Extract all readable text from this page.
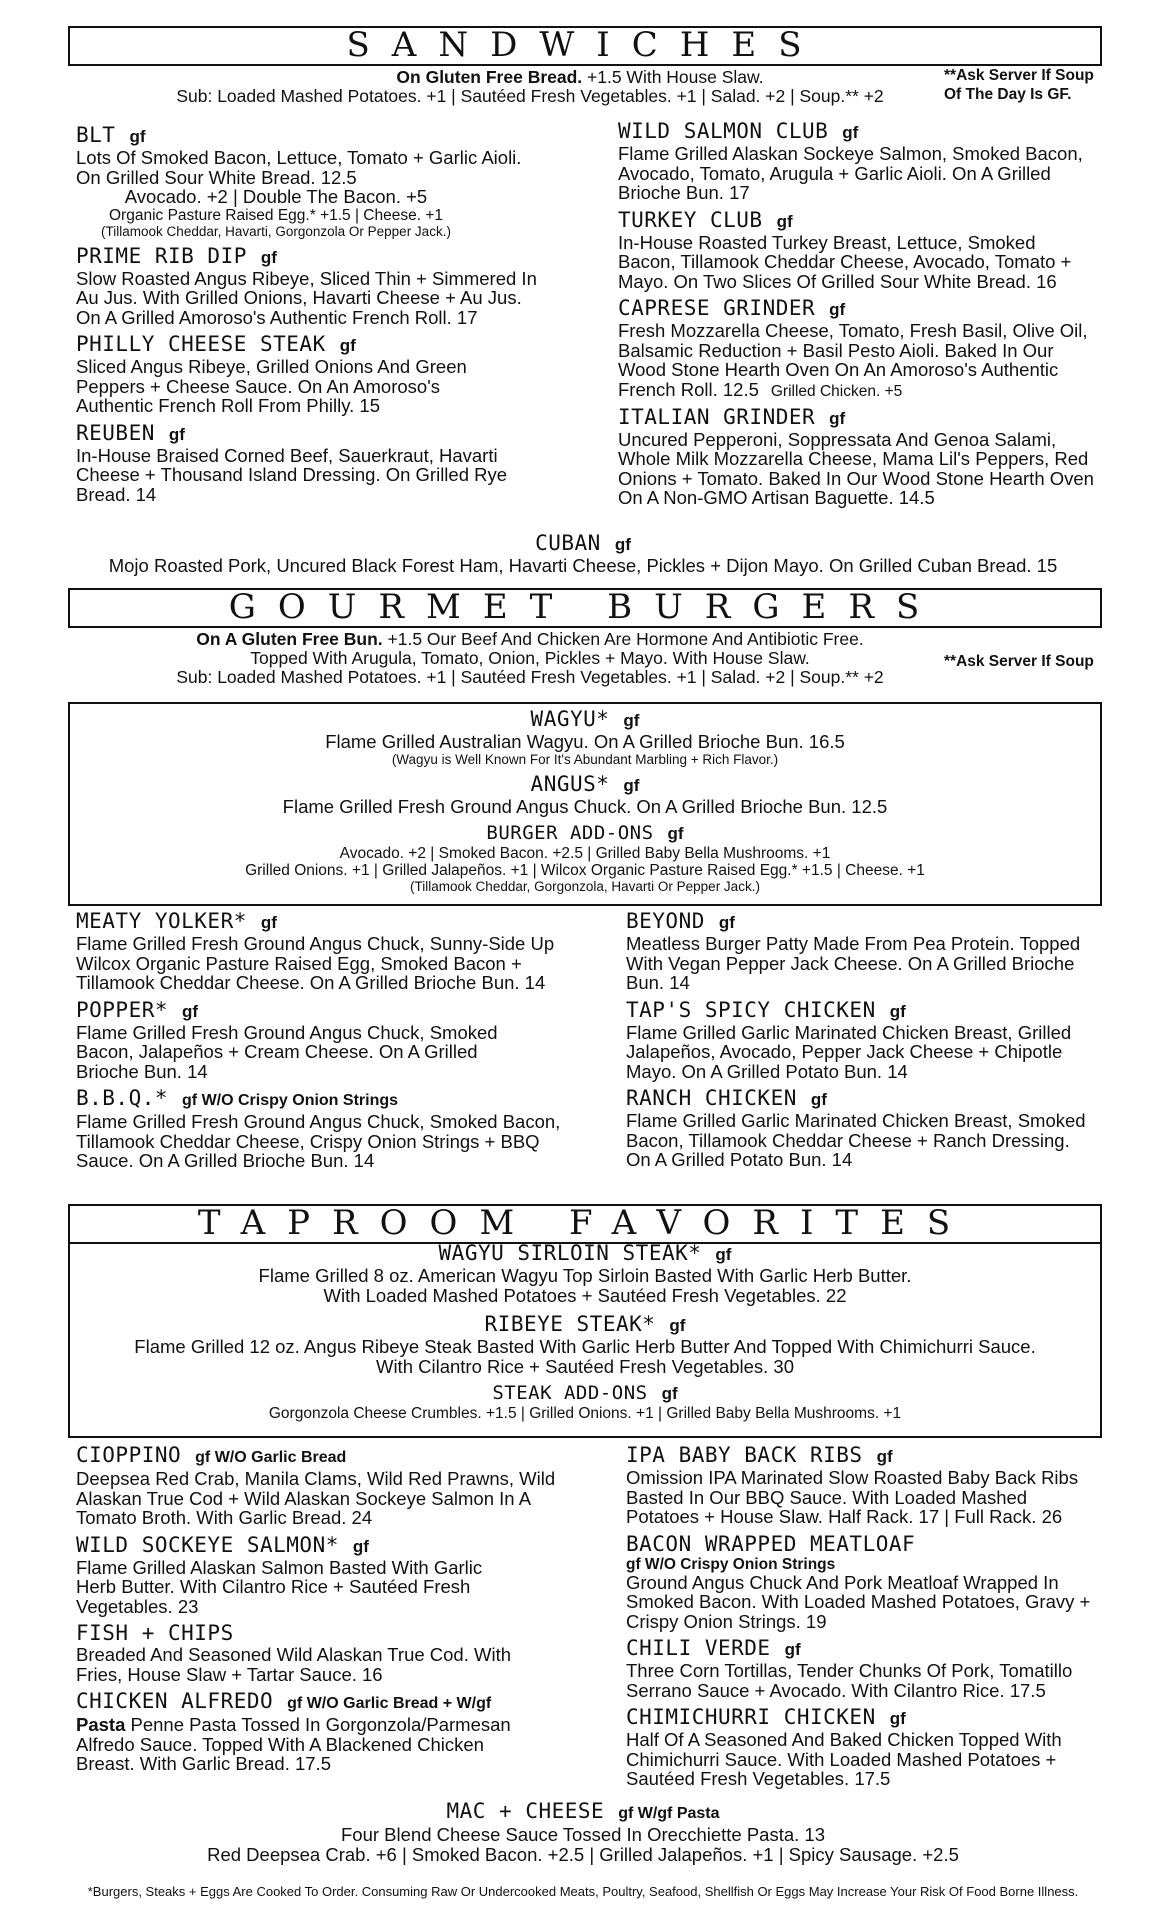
SANDWICHES
On Gluten Free Bread. +1.5 With House Slaw.
Sub: Loaded Mashed Potatoes. +1 | Sautéed Fresh Vegetables. +1 | Salad. +2 | Soup.** +2
**Ask Server If Soup
Of The Day Is GF.
BLT gf
Lots Of Smoked Bacon, Lettuce, Tomato + Garlic Aioli. On Grilled Sour White Bread. 12.5
Avocado. +2 | Double The Bacon. +5
Organic Pasture Raised Egg.* +1.5 | Cheese. +1
(Tillamook Cheddar, Havarti, Gorgonzola Or Pepper Jack.)
PRIME RIB DIP gf
Slow Roasted Angus Ribeye, Sliced Thin + Simmered In Au Jus. With Grilled Onions, Havarti Cheese + Au Jus. On A Grilled Amoroso's Authentic French Roll. 17
PHILLY CHEESE STEAK gf
Sliced Angus Ribeye, Grilled Onions And Green Peppers + Cheese Sauce. On An Amoroso's Authentic French Roll From Philly. 15
REUBEN gf
In-House Braised Corned Beef, Sauerkraut, Havarti Cheese + Thousand Island Dressing. On Grilled Rye Bread. 14
WILD SALMON CLUB gf
Flame Grilled Alaskan Sockeye Salmon, Smoked Bacon, Avocado, Tomato, Arugula + Garlic Aioli. On A Grilled Brioche Bun. 17
TURKEY CLUB gf
In-House Roasted Turkey Breast, Lettuce, Smoked Bacon, Tillamook Cheddar Cheese, Avocado, Tomato + Mayo. On Two Slices Of Grilled Sour White Bread. 16
CAPRESE GRINDER gf
Fresh Mozzarella Cheese, Tomato, Fresh Basil, Olive Oil, Balsamic Reduction + Basil Pesto Aioli. Baked In Our Wood Stone Hearth Oven On An Amoroso's Authentic French Roll. 12.5 Grilled Chicken. +5
ITALIAN GRINDER gf
Uncured Pepperoni, Soppressata And Genoa Salami, Whole Milk Mozzarella Cheese, Mama Lil's Peppers, Red Onions + Tomato. Baked In Our Wood Stone Hearth Oven On A Non-GMO Artisan Baguette. 14.5
CUBAN gf
Mojo Roasted Pork, Uncured Black Forest Ham, Havarti Cheese, Pickles + Dijon Mayo. On Grilled Cuban Bread. 15
GOURMET BURGERS
On A Gluten Free Bun. +1.5 Our Beef And Chicken Are Hormone And Antibiotic Free.
Topped With Arugula, Tomato, Onion, Pickles + Mayo. With House Slaw.
Sub: Loaded Mashed Potatoes. +1 | Sautéed Fresh Vegetables. +1 | Salad. +2 | Soup.** +2
**Ask Server If Soup
WAGYU* gf
Flame Grilled Australian Wagyu. On A Grilled Brioche Bun. 16.5
(Wagyu is Well Known For It's Abundant Marbling + Rich Flavor.)
ANGUS* gf
Flame Grilled Fresh Ground Angus Chuck. On A Grilled Brioche Bun. 12.5
BURGER ADD-ONS gf
Avocado. +2 | Smoked Bacon. +2.5 | Grilled Baby Bella Mushrooms. +1
Grilled Onions. +1 | Grilled Jalapeños. +1 | Wilcox Organic Pasture Raised Egg.* +1.5 | Cheese. +1
(Tillamook Cheddar, Gorgonzola, Havarti Or Pepper Jack.)
MEATY YOLKER* gf
Flame Grilled Fresh Ground Angus Chuck, Sunny-Side Up Wilcox Organic Pasture Raised Egg, Smoked Bacon + Tillamook Cheddar Cheese. On A Grilled Brioche Bun. 14
POPPER* gf
Flame Grilled Fresh Ground Angus Chuck, Smoked Bacon, Jalapeños + Cream Cheese. On A Grilled Brioche Bun. 14
B.B.Q.* gf W/O Crispy Onion Strings
Flame Grilled Fresh Ground Angus Chuck, Smoked Bacon, Tillamook Cheddar Cheese, Crispy Onion Strings + BBQ Sauce. On A Grilled Brioche Bun. 14
BEYOND gf
Meatless Burger Patty Made From Pea Protein. Topped With Vegan Pepper Jack Cheese. On A Grilled Brioche Bun. 14
TAP'S SPICY CHICKEN gf
Flame Grilled Garlic Marinated Chicken Breast, Grilled Jalapeños, Avocado, Pepper Jack Cheese + Chipotle Mayo. On A Grilled Potato Bun. 14
RANCH CHICKEN gf
Flame Grilled Garlic Marinated Chicken Breast, Smoked Bacon, Tillamook Cheddar Cheese + Ranch Dressing. On A Grilled Potato Bun. 14
TAPROOM FAVORITES
WAGYU SIRLOIN STEAK* gf
Flame Grilled 8 oz. American Wagyu Top Sirloin Basted With Garlic Herb Butter.
With Loaded Mashed Potatoes + Sautéed Fresh Vegetables. 22
RIBEYE STEAK* gf
Flame Grilled 12 oz. Angus Ribeye Steak Basted With Garlic Herb Butter And Topped With Chimichurri Sauce.
With Cilantro Rice + Sautéed Fresh Vegetables. 30
STEAK ADD-ONS gf
Gorgonzola Cheese Crumbles. +1.5 | Grilled Onions. +1 | Grilled Baby Bella Mushrooms. +1
CIOPPINO gf W/O Garlic Bread
Deepsea Red Crab, Manila Clams, Wild Red Prawns, Wild Alaskan True Cod + Wild Alaskan Sockeye Salmon In A Tomato Broth. With Garlic Bread. 24
WILD SOCKEYE SALMON* gf
Flame Grilled Alaskan Salmon Basted With Garlic Herb Butter. With Cilantro Rice + Sautéed Fresh Vegetables. 23
FISH + CHIPS
Breaded And Seasoned Wild Alaskan True Cod. With Fries, House Slaw + Tartar Sauce. 16
CHICKEN ALFREDO gf W/O Garlic Bread + W/gf
Pasta Penne Pasta Tossed In Gorgonzola/Parmesan Alfredo Sauce. Topped With A Blackened Chicken Breast. With Garlic Bread. 17.5
IPA BABY BACK RIBS gf
Omission IPA Marinated Slow Roasted Baby Back Ribs Basted In Our BBQ Sauce. With Loaded Mashed Potatoes + House Slaw. Half Rack. 17 | Full Rack. 26
BACON WRAPPED MEATLOAF
gf W/O Crispy Onion Strings
Ground Angus Chuck And Pork Meatloaf Wrapped In Smoked Bacon. With Loaded Mashed Potatoes, Gravy + Crispy Onion Strings. 19
CHILI VERDE gf
Three Corn Tortillas, Tender Chunks Of Pork, Tomatillo Serrano Sauce + Avocado. With Cilantro Rice. 17.5
CHIMICHURRI CHICKEN gf
Half Of A Seasoned And Baked Chicken Topped With Chimichurri Sauce. With Loaded Mashed Potatoes + Sautéed Fresh Vegetables. 17.5
MAC + CHEESE gf W/gf Pasta
Four Blend Cheese Sauce Tossed In Orecchiette Pasta. 13
Red Deepsea Crab. +6 | Smoked Bacon. +2.5 | Grilled Jalapeños. +1 | Spicy Sausage. +2.5
*Burgers, Steaks + Eggs Are Cooked To Order. Consuming Raw Or Undercooked Meats, Poultry, Seafood, Shellfish Or Eggs May Increase Your Risk Of Food Borne Illness.
